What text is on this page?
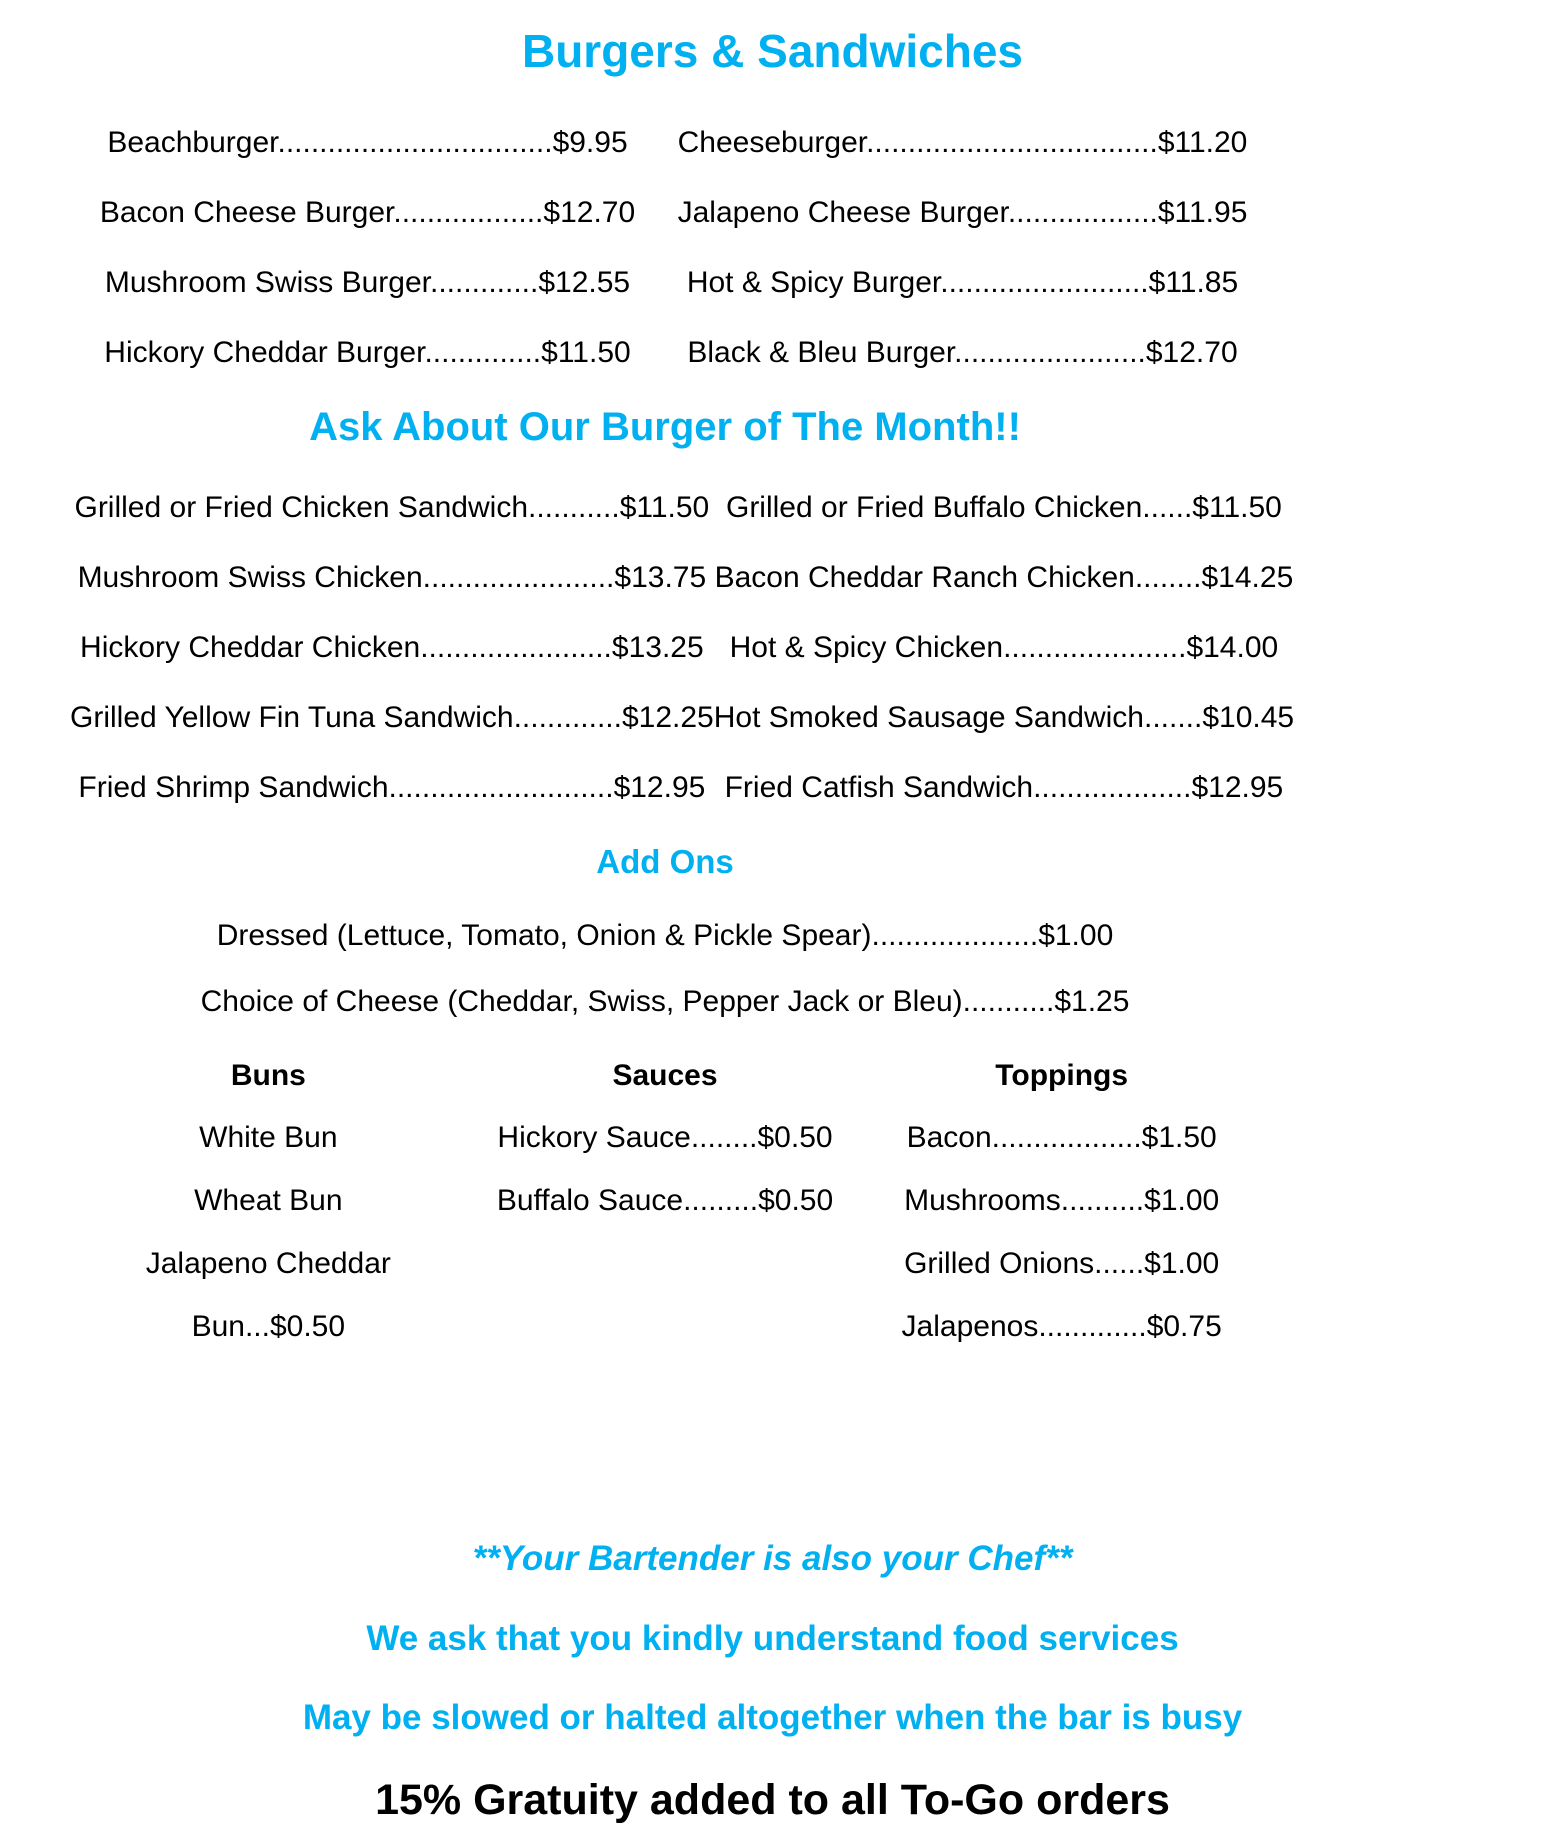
Burgers & Sandwiches
Beachburger.................................$9.95	Cheeseburger...................................$11.20
Bacon Cheese Burger..................$12.70	Jalapeno Cheese Burger..................$11.95
Mushroom Swiss Burger.............$12.55	Hot & Spicy Burger.........................$11.85
Hickory Cheddar Burger..............$11.50	Black & Bleu Burger.......................$12.70
Ask About Our Burger of The Month!!
Grilled or Fried Chicken Sandwich...........$11.50 Grilled or Fried Buffalo Chicken......$11.50
Mushroom Swiss Chicken.......................$13.75 Bacon Cheddar Ranch Chicken........$14.25
Hickory Cheddar Chicken.......................$13.25 Hot & Spicy Chicken......................$14.00
Grilled Yellow Fin Tuna Sandwich.............$12.25 Hot Smoked Sausage Sandwich.......$10.45
Fried Shrimp Sandwich...........................$12.95 Fried Catfish Sandwich...................$12.95
Add Ons
Dressed (Lettuce, Tomato, Onion & Pickle Spear)....................$1.00
Choice of Cheese (Cheddar, Swiss, Pepper Jack or Bleu)...........$1.25
Buns
White Bun
Wheat Bun
Jalapeno Cheddar
Bun...$0.50
Sauces
Hickory Sauce........$0.50
Buffalo Sauce.........$0.50
Toppings
Bacon..................$1.50
Mushrooms..........$1.00
Grilled Onions......$1.00
Jalapenos.............$0.75
**Your Bartender is also your Chef**
We ask that you kindly understand food services
May be slowed or halted altogether when the bar is busy
15% Gratuity added to all To-Go orders
